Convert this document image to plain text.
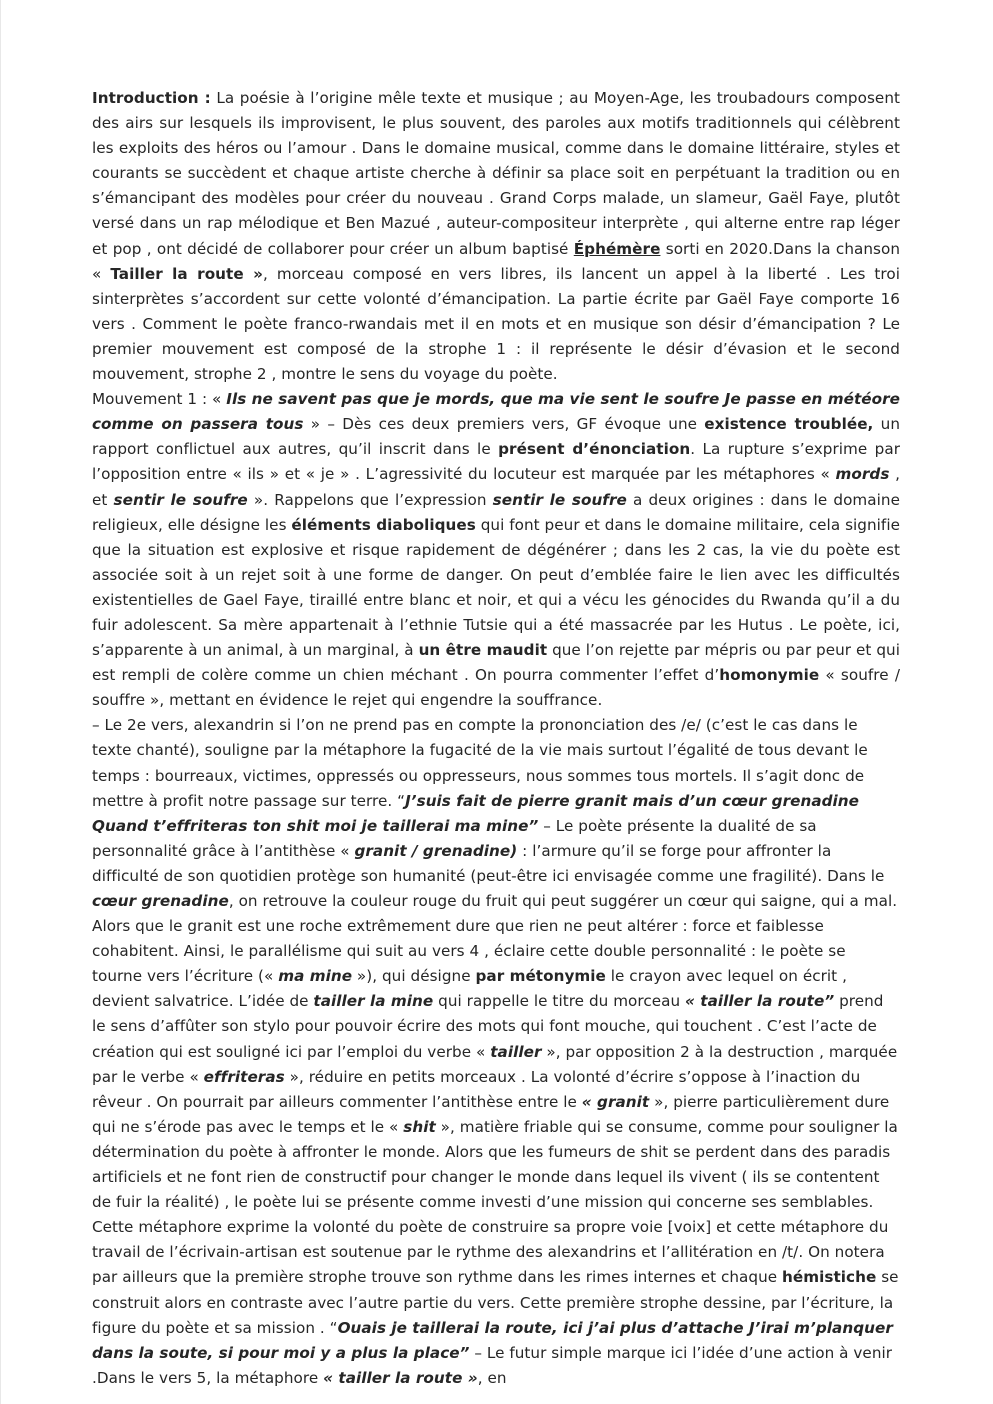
Introduction : La poésie à l’origine mêle texte et musique ; au Moyen-Age, les troubadours composent des airs sur lesquels ils improvisent, le plus souvent, des paroles aux motifs traditionnels qui célèbrent les exploits des héros ou l’amour . Dans le domaine musical, comme dans le domaine littéraire, styles et courants se succèdent et chaque artiste cherche à définir sa place soit en perpétuant la tradition ou en s’émancipant des modèles pour créer du nouveau . Grand Corps malade, un slameur, Gaël Faye, plutôt versé dans un rap mélodique et Ben Mazué , auteur-compositeur interprète , qui alterne entre rap léger et pop , ont décidé de collaborer pour créer un album baptisé Éphémère sorti en 2020.Dans la chanson « Tailler la route », morceau composé en vers libres, ils lancent un appel à la liberté . Les troi sinterprètes s’accordent sur cette volonté d’émancipation. La partie écrite par Gaël Faye comporte 16 vers . Comment le poète franco-rwandais met il en mots et en musique son désir d’émancipation ? Le premier mouvement est composé de la strophe 1 : il représente le désir d’évasion et le second mouvement, strophe 2 , montre le sens du voyage du poète.

Mouvement 1 : « Ils ne savent pas que je mords, que ma vie sent le soufre Je passe en météore comme on passera tous » – Dès ces deux premiers vers, GF évoque une existence troublée, un rapport conflictuel aux autres, qu’il inscrit dans le présent d’énonciation. La rupture s’exprime par l’opposition entre « ils » et « je » . L’agressivité du locuteur est marquée par les métaphores « mords , et sentir le soufre ». Rappelons que l’expression sentir le soufre a deux origines : dans le domaine religieux, elle désigne les éléments diaboliques qui font peur et dans le domaine militaire, cela signifie que la situation est explosive et risque rapidement de dégénérer ; dans les 2 cas, la vie du poète est associée soit à un rejet soit à une forme de danger. On peut d’emblée faire le lien avec les difficultés existentielles de Gael Faye, tiraillé entre blanc et noir, et qui a vécu les génocides du Rwanda qu’il a du fuir adolescent. Sa mère appartenait à l’ethnie Tutsie qui a été massacrée par les Hutus . Le poète, ici, s’apparente à un animal, à un marginal, à un être maudit que l’on rejette par mépris ou par peur et qui est rempli de colère comme un chien méchant . On pourra commenter l’effet d’homonymie « soufre / souffre », mettant en évidence le rejet qui engendre la souffrance.

– Le 2e vers, alexandrin si l’on ne prend pas en compte la prononciation des /e/ (c’est le cas dans le texte chanté), souligne par la métaphore la fugacité de la vie mais surtout l’égalité de tous devant le temps : bourreaux, victimes, oppressés ou oppresseurs, nous sommes tous mortels. Il s’agit donc de mettre à profit notre passage sur terre. “J’suis fait de pierre granit mais d’un cœur grenadine Quand t’effriteras ton shit moi je taillerai ma mine” – Le poète présente la dualité de sa personnalité grâce à l’antithèse « granit / grenadine) : l’armure qu’il se forge pour affronter la difficulté de son quotidien protège son humanité (peut-être ici envisagée comme une fragilité). Dans le cœur grenadine, on retrouve la couleur rouge du fruit qui peut suggérer un cœur qui saigne, qui a mal. Alors que le granit est une roche extrêmement dure que rien ne peut altérer : force et faiblesse cohabitent. Ainsi, le parallélisme qui suit au vers 4 , éclaire cette double personnalité : le poète se tourne vers l’écriture (« ma mine »), qui désigne par métonymie le crayon avec lequel on écrit , devient salvatrice. L’idée de tailler la mine qui rappelle le titre du morceau « tailler la route” prend le sens d’affûter son stylo pour pouvoir écrire des mots qui font mouche, qui touchent . C’est l’acte de création qui est souligné ici par l’emploi du verbe « tailler », par opposition 2 à la destruction , marquée par le verbe « effriteras », réduire en petits morceaux . La volonté d’écrire s’oppose à l’inaction du rêveur . On pourrait par ailleurs commenter l’antithèse entre le « granit », pierre particulièrement dure qui ne s’érode pas avec le temps et le « shit », matière friable qui se consume, comme pour souligner la détermination du poète à affronter le monde. Alors que les fumeurs de shit se perdent dans des paradis artificiels et ne font rien de constructif pour changer le monde dans lequel ils vivent ( ils se contentent de fuir la réalité) , le poète lui se présente comme investi d’une mission qui concerne ses semblables. Cette métaphore exprime la volonté du poète de construire sa propre voie [voix] et cette métaphore du travail de l’écrivain-artisan est soutenue par le rythme des alexandrins et l’allitération en /t/. On notera par ailleurs que la première strophe trouve son rythme dans les rimes internes et chaque hémistiche se construit alors en contraste avec l’autre partie du vers. Cette première strophe dessine, par l’écriture, la figure du poète et sa mission . “Ouais je taillerai la route, ici j’ai plus d’attache J’irai m’planquer dans la soute, si pour moi y a plus la place” – Le futur simple marque ici l’idée d’une action à venir .Dans le vers 5, la métaphore « tailler la route », en
